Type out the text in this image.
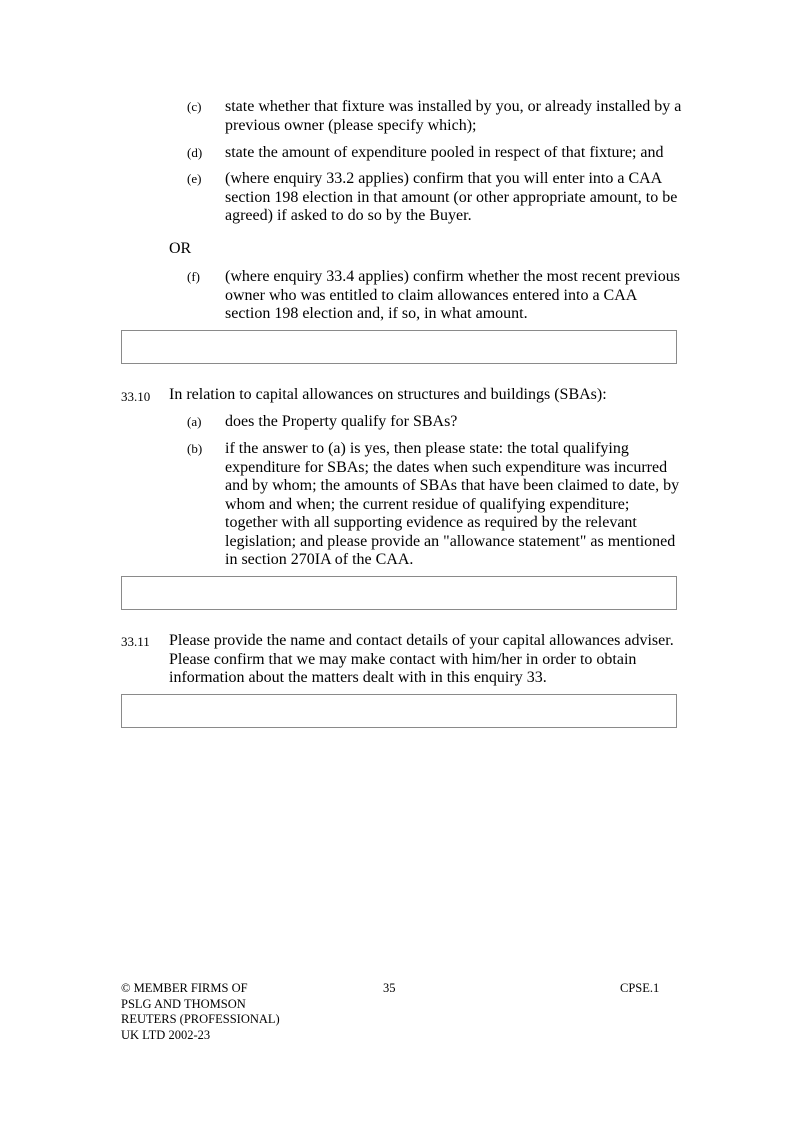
(c) state whether that fixture was installed by you, or already installed by a previous owner (please specify which);
(d) state the amount of expenditure pooled in respect of that fixture; and
(e) (where enquiry 33.2 applies) confirm that you will enter into a CAA section 198 election in that amount (or other appropriate amount, to be agreed) if asked to do so by the Buyer.
OR
(f) (where enquiry 33.4 applies) confirm whether the most recent previous owner who was entitled to claim allowances entered into a CAA section 198 election and, if so, in what amount.
33.10 In relation to capital allowances on structures and buildings (SBAs):
(a) does the Property qualify for SBAs?
(b) if the answer to (a) is yes, then please state: the total qualifying expenditure for SBAs; the dates when such expenditure was incurred and by whom; the amounts of SBAs that have been claimed to date, by whom and when; the current residue of qualifying expenditure; together with all supporting evidence as required by the relevant legislation; and please provide an "allowance statement" as mentioned in section 270IA of the CAA.
33.11 Please provide the name and contact details of your capital allowances adviser. Please confirm that we may make contact with him/her in order to obtain information about the matters dealt with in this enquiry 33.
© MEMBER FIRMS OF PSLG AND THOMSON REUTERS (PROFESSIONAL) UK LTD 2002-23
35	CPSE.1
